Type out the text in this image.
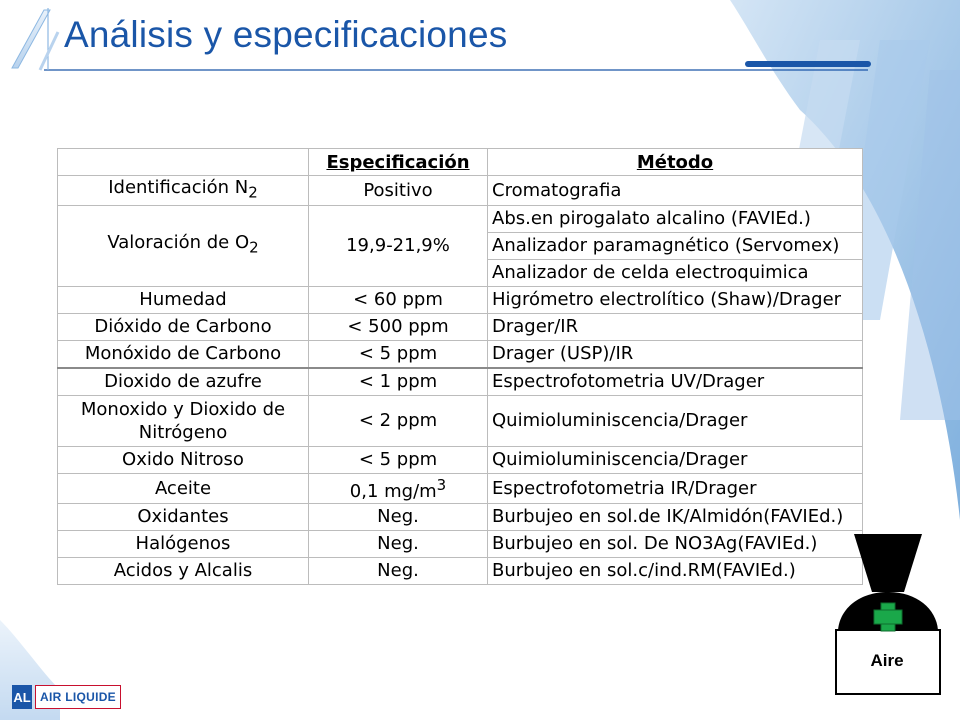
Análisis y especificaciones
	Especificación	Método
Identificación $N_2$	Positivo	Cromatografia
Valoración de $O_2$	19,9-21,9%	Abs.en pirogalato alcalino (FAVIEd.)
		Analizador paramagnético (Servomex)
		Analizador de celda electroquimica
Humedad	< 60 ppm	Higrómetro electrolítico (Shaw)/Drager
Dióxido de Carbono	< 500 ppm	Drager/IR
Monóxido de Carbono	< 5 ppm	Drager (USP)/IR
Dioxido de azufre	< 1 ppm	Espectrofotometria UV/Drager
Monoxido y Dioxido de
Nitrógeno	< 2 ppm	Quimioluminiscencia/Drager
Oxido Nitroso	< 5 ppm	Quimioluminiscencia/Drager
Aceite	0,1 $mg/m^3$	Espectrofotometria IR/Drager
Oxidantes	Neg.	Burbujeo en sol.de IK/Almidón(FAVIEd.)
Halógenos	Neg.	Burbujeo en sol. De NO3Ag(FAVIEd.)
Acidos y Alcalis	Neg.	Burbujeo en sol.c/ind.RM(FAVIEd.)
Aire
AL AIR LIQUIDE
